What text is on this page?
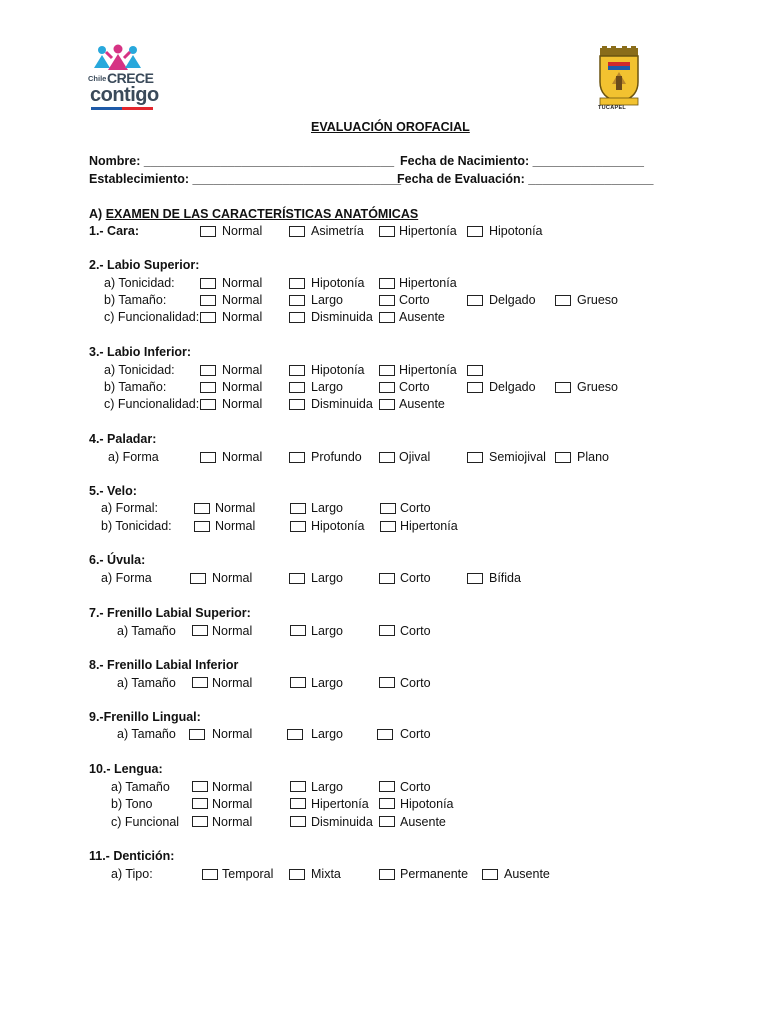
Chile CRECE
contigo
TUCAPEL
EVALUACIÓN OROFACIAL
Nombre: ____________________________________ Fecha de Nacimiento: ________________
Establecimiento: ______________________________
Fecha de Evaluación: __________________
A) EXAMEN DE LAS CARACTERÍSTICAS ANATÓMICAS
1.- Cara:	Normal	Asimetría	Hipertonía	Hipotonía
2.- Labio Superior:
a) Tonicidad:	Normal	Hipotonía	Hipertonía
b) Tamaño:	Normal	Largo	Corto	Delgado	Grueso
c) Funcionalidad: Normal	Disminuida Ausente
3.- Labio Inferior:
a) Tonicidad:	Normal	Hipotonía	Hipertonía
b) Tamaño:	Normal	Largo	Corto	Delgado	Grueso
c) Funcionalidad: Normal	Disminuida Ausente
4.- Paladar:
a) Forma	Normal	Profundo	Ojival	Semiojival Plano
5.- Velo:
a) Formal:	Normal	Largo	Corto
b) Tonicidad:	Normal	Hipotonía	Hipertonía
6.- Úvula:
a) Forma	Normal	Largo	Corto	Bífida
7.- Frenillo Labial Superior:
a) Tamaño	Normal	Largo	Corto
8.- Frenillo Labial Inferior
a) Tamaño	Normal	Largo	Corto
9.-Frenillo Lingual:
a) Tamaño	Normal	Largo	Corto
10.- Lengua:
a) Tamaño	Normal	Largo	Corto
b) Tono	Normal	Hipertonía	Hipotonía
c) Funcional	Normal	Disminuida Ausente
11.- Dentición:
a) Tipo:	Temporal	Mixta	Permanente	Ausente
